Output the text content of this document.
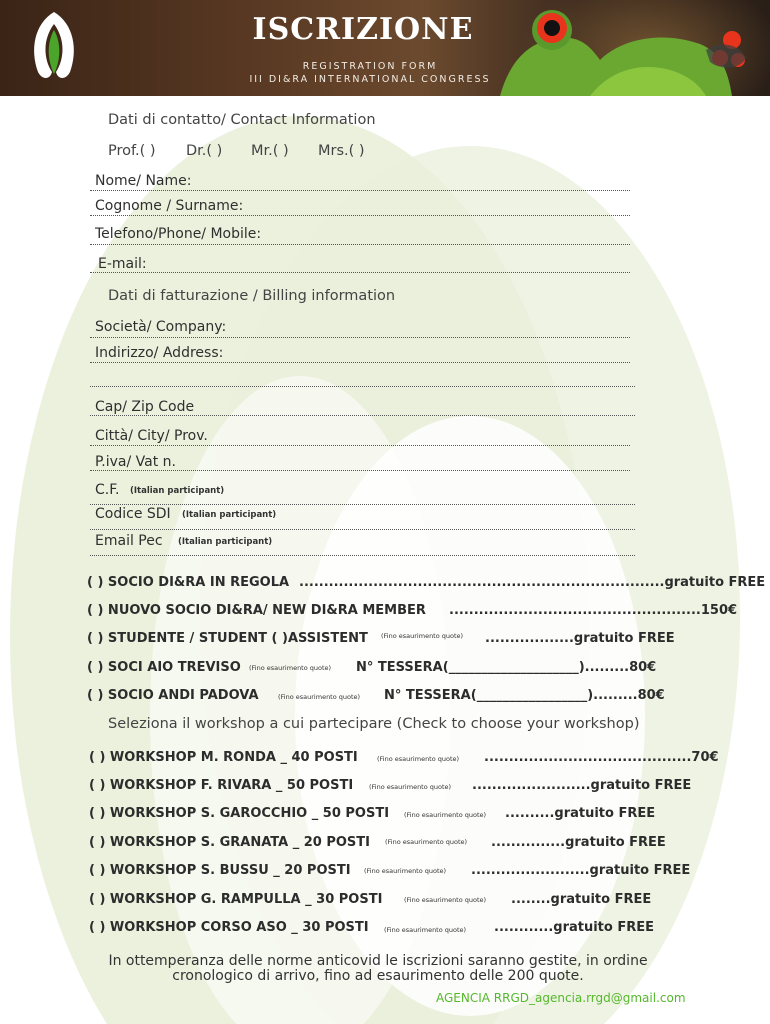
ISCRIZIONE
REGISTRATION FORM
III DI&RA INTERNATIONAL CONGRESS
Dati di contatto/ Contact Information
Prof.( ) Dr.( ) Mr.( ) Mrs.( )
Nome/ Name:
Cognome / Surname:
Telefono/Phone/ Mobile:
E-mail:
Dati di fatturazione / Billing information
Società/ Company:
Indirizzo/ Address:
Cap/ Zip Code
Città/ City/ Prov.
P.iva/ Vat n.
C.F. (Italian participant)
Codice SDI (Italian participant)
Email Pec (Italian participant)
( ) SOCIO DI&RA IN REGOLA ..........................................................................gratuito FREE
( ) NUOVO SOCIO DI&RA/ NEW DI&RA MEMBER ...................................................150€
( ) STUDENTE / STUDENT ( )ASSISTENT (Fino esaurimento quote) ..................gratuito FREE
( ) SOCI AIO TREVISO (Fino esaurimento quote) N° TESSERA(____________________).........80€
( ) SOCIO ANDI PADOVA	(Fino esaurimento quote) N° TESSERA(_________________).........80€
Seleziona il workshop a cui partecipare (Check to choose your workshop)
( ) WORKSHOP M. RONDA _ 40 POSTI	(Fino esaurimento quote) ..........................................70€
( ) WORKSHOP F. RIVARA _ 50 POSTI (Fino esaurimento quote) ........................gratuito FREE
( ) WORKSHOP S. GAROCCHIO _ 50 POSTI (Fino esaurimento quote) ..........gratuito FREE
( ) WORKSHOP S. GRANATA _ 20 POSTI (Fino esaurimento quote) ...............gratuito FREE
( ) WORKSHOP S. BUSSU _ 20 POSTI (Fino esaurimento quote) ........................gratuito FREE
( ) WORKSHOP G. RAMPULLA _ 30 POSTI	(Fino esaurimento quote) ........gratuito FREE
( ) WORKSHOP CORSO ASO _ 30 POSTI (Fino esaurimento quote) ............gratuito FREE
In ottemperanza delle norme anticovid le iscrizioni saranno gestite, in ordine
cronologico di arrivo, fino ad esaurimento delle 200 quote.
AGENCIA RRGD_agencia.rrgd@gmail.com
